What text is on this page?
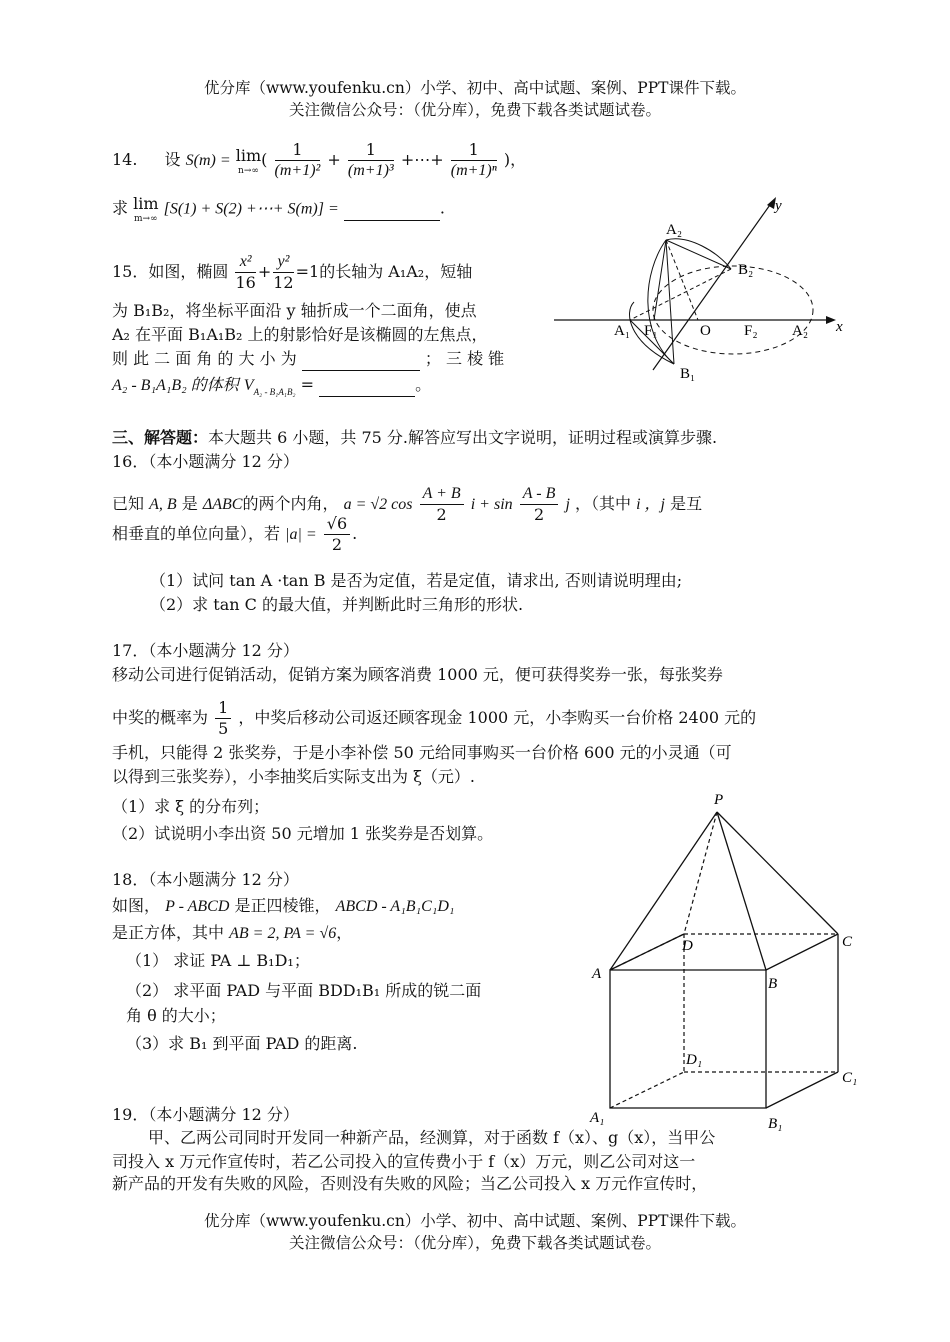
优分库（www.youfenku.cn）小学、初中、高中试题、案例、PPT课件下载。
关注微信公众号：（优分库），免费下载各类试题试卷。
14. 设 S(m) = lim
n→∞
( $\frac{1}{\text{(m+1)²}} + \frac{1}{\text{(m+1)³}}$ +⋯+ $\frac{1}{\text{(m+1)ⁿ}}$ )，
求 lim
m→∞
[S(1) + S(2) +⋯+ S(m)] =	.
15．如图，椭圆 $\frac{\text{x²}}{16} + \frac{\text{y²}}{12} =1$的长轴为 A₁A₂，短轴
为 B₁B₂，将坐标平面沿 y 轴折成一个二面角，使点
A₂ 在平面 B₁A₁B₂ 上的射影恰好是该椭圆的左焦点，
则 此 二 面 角 的 大 小 为	； 三 棱 锥
A₂ - B₁A₁B₂ 的体积 $V_{A_2 - B_1A_1B_2}$ =	。
A₂
B₂
A₁ F₁	O F₂ A₂
B₁
x
y
三、解答题：本大题共 6 小题，共 75 分.解答应写出文字说明，证明过程或演算步骤.
16．（本小题满分 12 分）
已知 A, B 是 ΔABC的两个内角， a = √2 $\cos \frac{A + B}{2}$ $i + \sin \frac{A - B}{2}$ j ，（其中 i ，j 是互
相垂直的单位向量），若 $|a| = \frac{√6}{2}$ .
（1）试问 tan A ·tan B 是否为定值，若是定值，请求出, 否则请说明理由;
（2）求 tan C 的最大值，并判断此时三角形的形状.
17．（本小题满分 12 分）
移动公司进行促销活动，促销方案为顾客消费 1000 元，便可获得奖券一张，每张奖券
中奖的概率为 $\frac{1}{5}$ ，中奖后移动公司返还顾客现金 1000 元，小李购买一台价格 2400 元的
手机，只能得 2 张奖券，于是小李补偿 50 元给同事购买一台价格 600 元的小灵通（可
以得到三张奖券），小李抽奖后实际支出为 ξ（元）.
（1）求 ξ 的分布列；
（2）试说明小李出资 50 元增加 1 张奖券是否划算。
18．（本小题满分 12 分）
如图， P - ABCD 是正四棱锥， ABCD - A₁B₁C₁D₁
是正方体，其中 AB = 2, PA = √6，
（1） 求证 PA ⊥ B₁D₁；
（2） 求平面 PAD 与平面 BDD₁B₁ 所成的锐二面
角 θ 的大小；
（3）求 B₁ 到平面 PAD 的距离.
P
D	C
A
B
D₁
C₁
A₁	B₁
19．（本小题满分 12 分）
甲、乙两公司同时开发同一种新产品，经测算，对于函数 f（x）、g（x），当甲公
司投入 x 万元作宣传时，若乙公司投入的宣传费小于 f（x）万元，则乙公司对这一
新产品的开发有失败的风险，否则没有失败的风险；当乙公司投入 x 万元作宣传时，
优分库（www.youfenku.cn）小学、初中、高中试题、案例、PPT课件下载。
关注微信公众号：（优分库），免费下载各类试题试卷。
